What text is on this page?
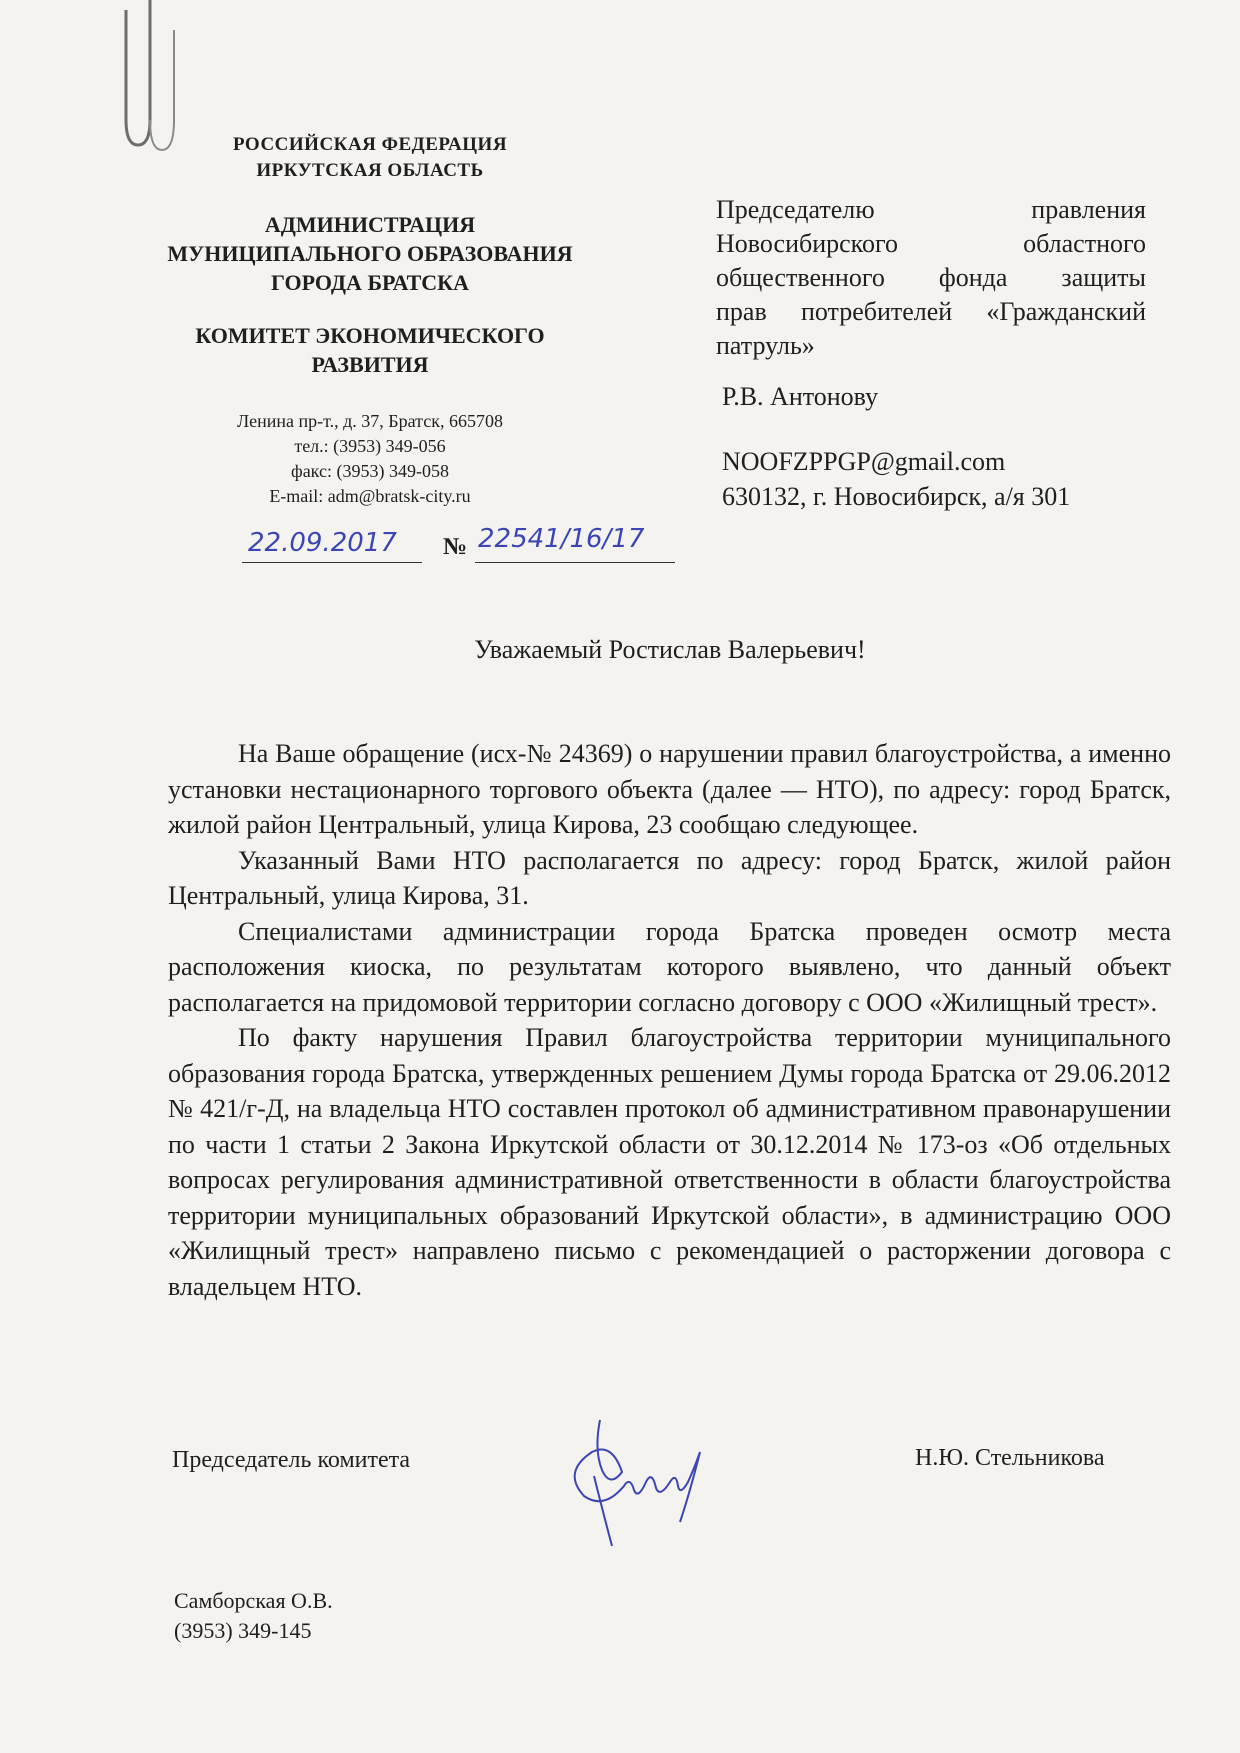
РОССИЙСКАЯ ФЕДЕРАЦИЯ
ИРКУТСКАЯ ОБЛАСТЬ
АДМИНИСТРАЦИЯ
МУНИЦИПАЛЬНОГО ОБРАЗОВАНИЯ
ГОРОДА БРАТСКА
КОМИТЕТ ЭКОНОМИЧЕСКОГО
РАЗВИТИЯ
Ленина пр-т., д. 37, Братск, 665708
тел.: (3953) 349-056
факс: (3953) 349-058
E-mail: adm@bratsk-city.ru
22.09.2017 № 22541/16/17
Председателю правления
Новосибирского областного
общественного фонда защиты
прав потребителей «Гражданский
патруль»
Р.В. Антонову
NOOFZPPGP@gmail.com
630132, г. Новосибирск, а/я 301
Уважаемый Ростислав Валерьевич!

На Ваше обращение (исх-№ 24369) о нарушении правил благоустройства, а именно установки нестационарного торгового объекта (далее — НТО), по адресу: город Братск, жилой район Центральный, улица Кирова, 23 сообщаю следующее.

Указанный Вами НТО располагается по адресу: город Братск, жилой район Центральный, улица Кирова, 31.

Специалистами администрации города Братска проведен осмотр места расположения киоска, по результатам которого выявлено, что данный объект располагается на придомовой территории согласно договору с ООО «Жилищный трест».

По факту нарушения Правил благоустройства территории муниципального образования города Братска, утвержденных решением Думы города Братска от 29.06.2012 № 421/г-Д, на владельца НТО составлен протокол об административном правонарушении по части 1 статьи 2 Закона Иркутской области от 30.12.2014 № 173-оз «Об отдельных вопросах регулирования административной ответственности в области благоустройства территории муниципальных образований Иркутской области», в администрацию ООО «Жилищный трест» направлено письмо с рекомендацией о расторжении договора с владельцем НТО.

Председатель комитета	Н.Ю. Стельникова
Самборская О.В.
(3953) 349-145
